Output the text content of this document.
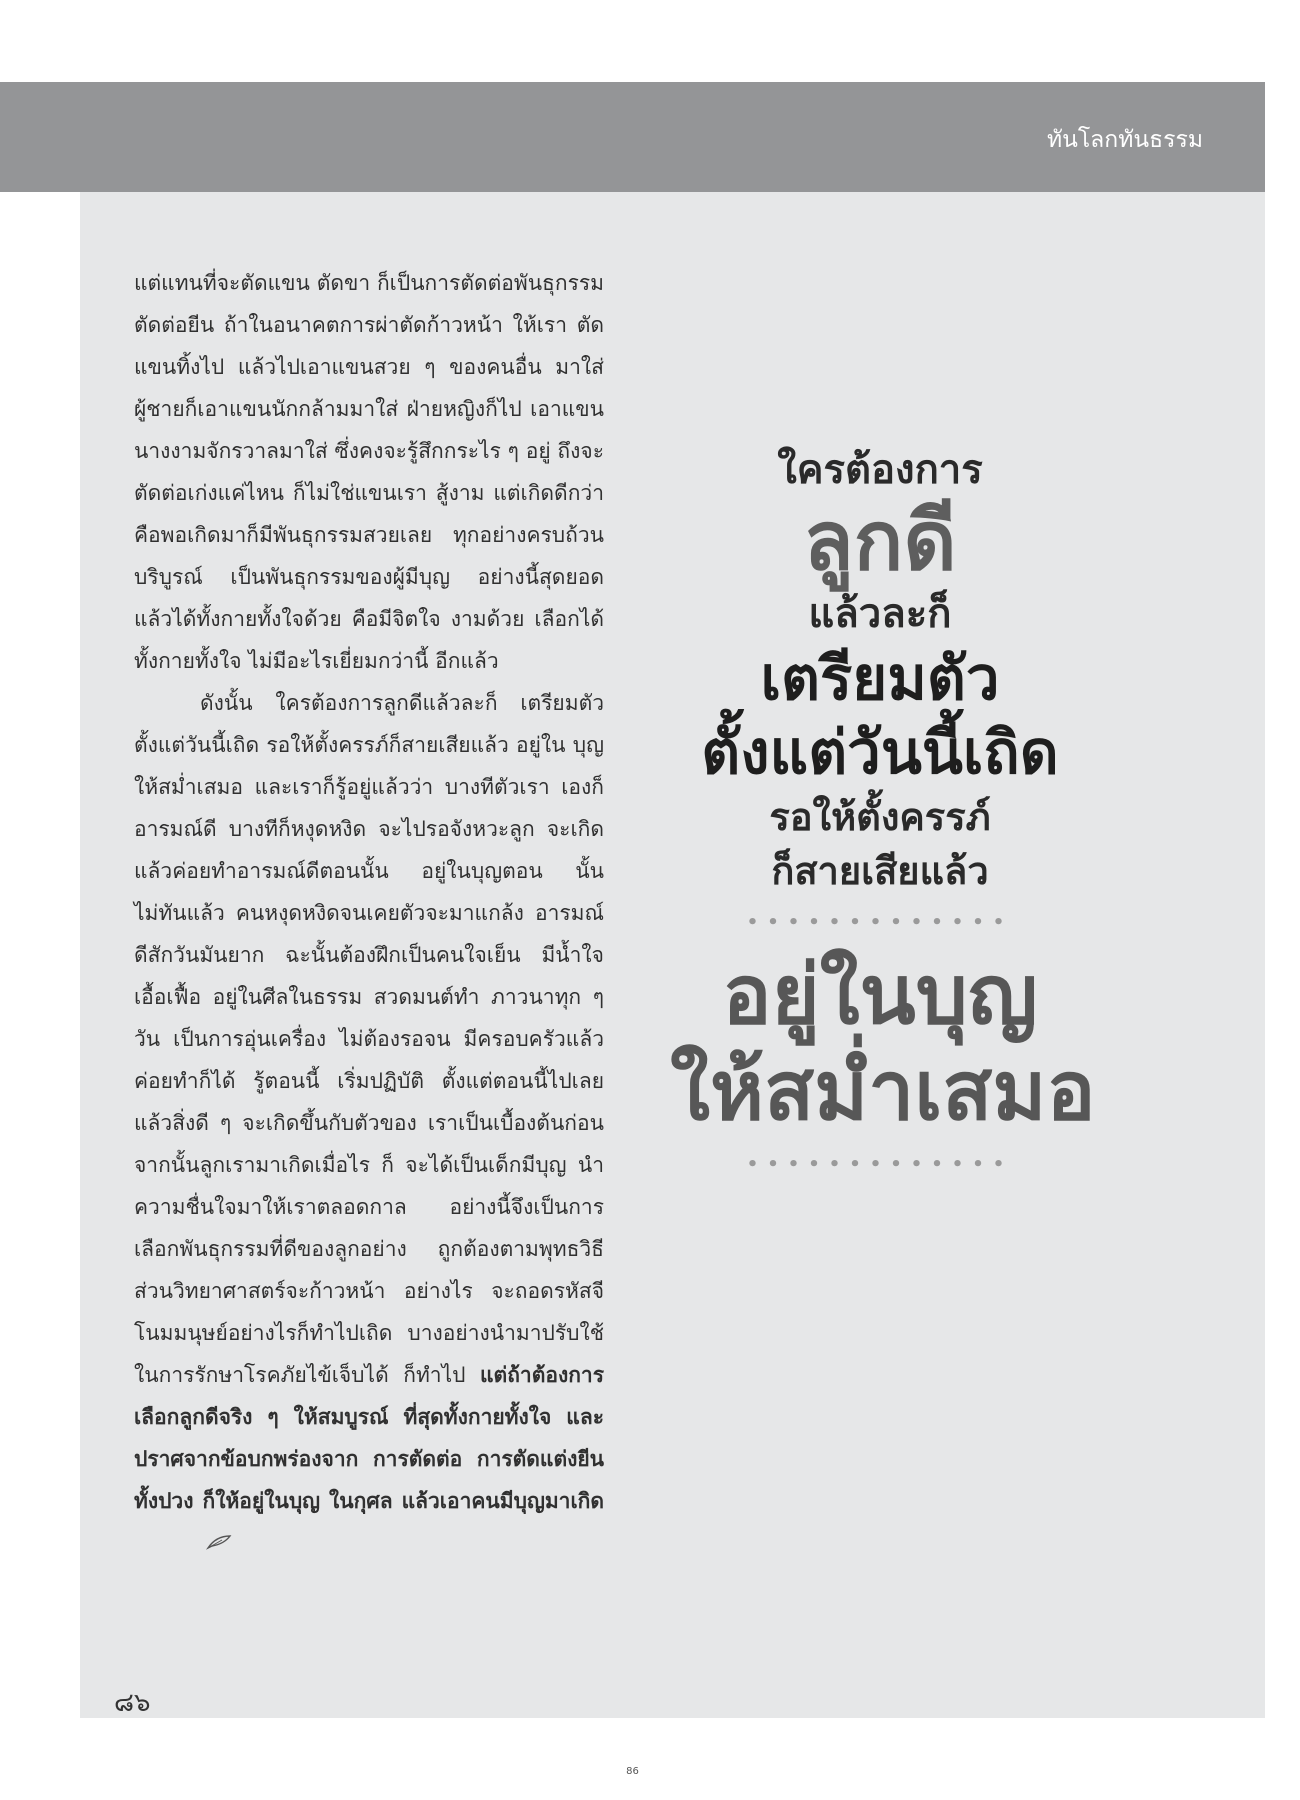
ทันโลกทันธรรม

แต่แทนที่จะตัดแขน ตัดขา ก็เป็นการตัดต่อพันธุกรรม ตัดต่อยีน ถ้าในอนาคตการผ่าตัดก้าวหน้า ให้เรา ตัดแขนทิ้งไป แล้วไปเอาแขนสวย ๆ ของคนอื่น มาใส่ ผู้ชายก็เอาแขนนักกล้ามมาใส่ ฝ่ายหญิงก็ไป เอาแขนนางงามจักรวาลมาใส่ ซึ่งคงจะรู้สึกกระไร ๆ อยู่ ถึงจะตัดต่อเก่งแค่ไหน ก็ไม่ใช่แขนเรา สู้งาม แต่เกิดดีกว่า คือพอเกิดมาก็มีพันธุกรรมสวยเลย ทุกอย่างครบถ้วนบริบูรณ์ เป็นพันธุกรรมของผู้มีบุญ อย่างนี้สุดยอด แล้วได้ทั้งกายทั้งใจด้วย คือมีจิตใจ งามด้วย เลือกได้ทั้งกายทั้งใจ ไม่มีอะไรเยี่ยมกว่านี้ อีกแล้ว

ดังนั้น ใครต้องการลูกดีแล้วละก็ เตรียมตัว ตั้งแต่วันนี้เถิด รอให้ตั้งครรภ์ก็สายเสียแล้ว อยู่ใน บุญให้สม่ำเสมอ และเราก็รู้อยู่แล้วว่า บางทีตัวเรา เองก็อารมณ์ดี บางทีก็หงุดหงิด จะไปรอจังหวะลูก จะเกิดแล้วค่อยทำอารมณ์ดีตอนนั้น อยู่ในบุญตอน นั้น ไม่ทันแล้ว คนหงุดหงิดจนเคยตัวจะมาแกล้ง อารมณ์ดีสักวันมันยาก ฉะนั้นต้องฝึกเป็นคนใจเย็น มีน้ำใจ เอื้อเฟื้อ อยู่ในศีลในธรรม สวดมนต์ทำ ภาวนาทุก ๆ วัน เป็นการอุ่นเครื่อง ไม่ต้องรอจน มีครอบครัวแล้วค่อยทำก็ได้ รู้ตอนนี้ เริ่มปฏิบัติ ตั้งแต่ตอนนี้ไปเลย แล้วสิ่งดี ๆ จะเกิดขึ้นกับตัวของ เราเป็นเบื้องต้นก่อน จากนั้นลูกเรามาเกิดเมื่อไร ก็ จะได้เป็นเด็กมีบุญ นำความชื่นใจมาให้เราตลอดกาล อย่างนี้จึงเป็นการเลือกพันธุกรรมที่ดีของลูกอย่าง ถูกต้องตามพุทธวิธี ส่วนวิทยาศาสตร์จะก้าวหน้า อย่างไร จะถอดรหัสจีโนมมนุษย์อย่างไรก็ทำไปเถิด บางอย่างนำมาปรับใช้ในการรักษาโรคภัยไข้เจ็บได้ ก็ทำไป แต่ถ้าต้องการเลือกลูกดีจริง ๆ ให้สมบูรณ์ ที่สุดทั้งกายทั้งใจ และปราศจากข้อบกพร่องจาก การตัดต่อ การตัดแต่งยีนทั้งปวง ก็ให้อยู่ในบุญ ในกุศล แล้วเอาคนมีบุญมาเกิด

ใครต้องการ
ลูกดี
แล้วละก็
เตรียมตัว
ตั้งแต่วันนี้เถิด
รอให้ตั้งครรภ์
ก็สายเสียแล้ว
•••••••••••••
อยู่ในบุญ
ให้สม่ำเสมอ
•••••••••••••
๘๖
86
